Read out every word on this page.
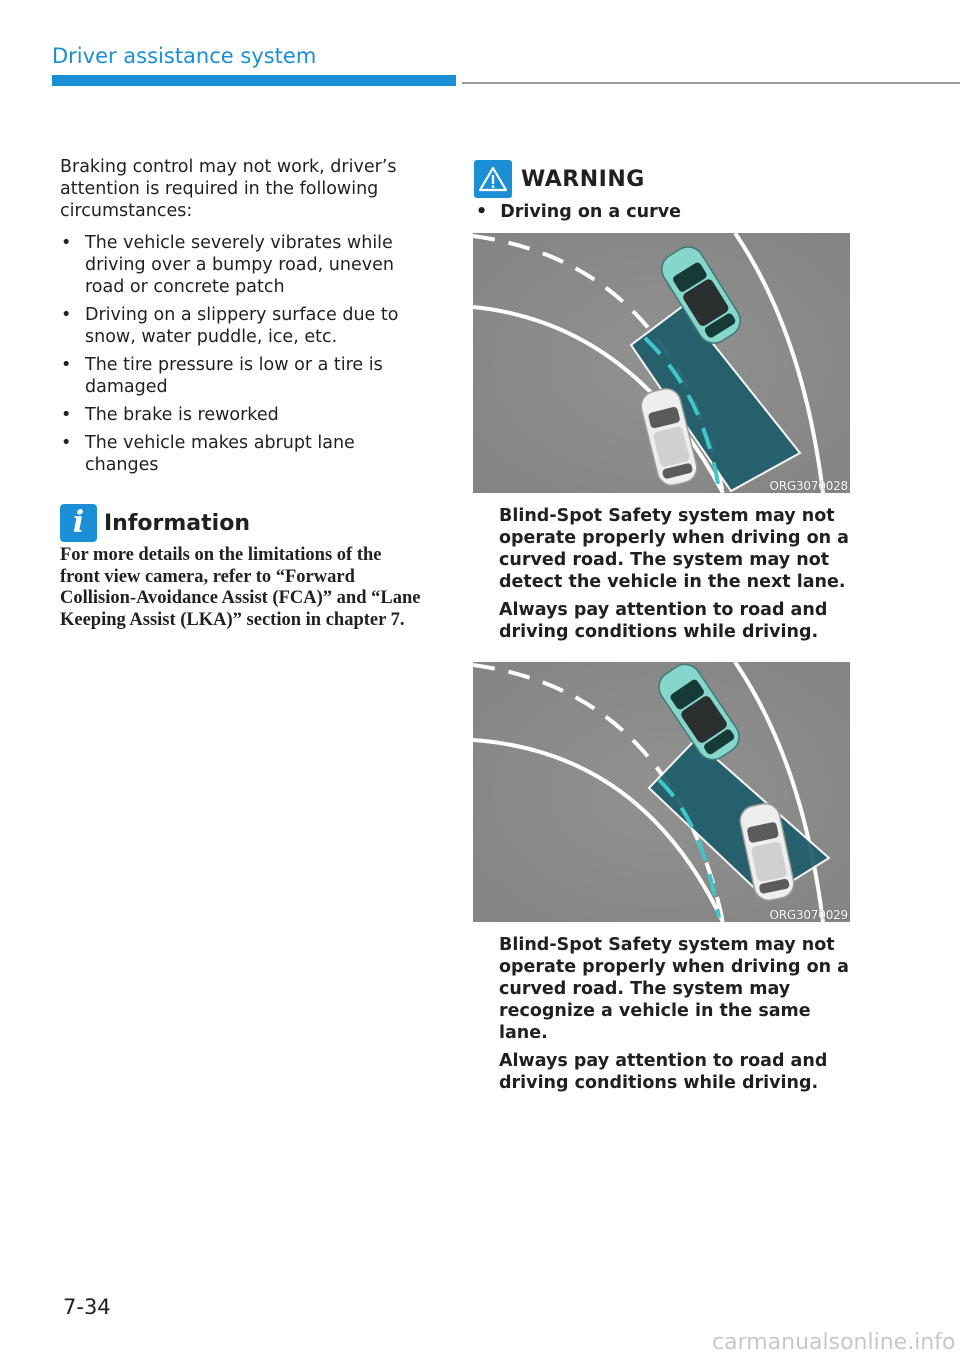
Driver assistance system

Braking control may not work, driver’s attention is required in the following circumstances:

• The vehicle severely vibrates while driving over a bumpy road, uneven road or concrete patch
• Driving on a slippery surface due to snow, water puddle, ice, etc.
• The tire pressure is low or a tire is damaged
• The brake is reworked
• The vehicle makes abrupt lane changes
i Information
For more details on the limitations of the front view camera, refer to “Forward Collision-Avoidance Assist (FCA)” and “Lane Keeping Assist (LKA)” section in chapter 7.
WARNING
• Driving on a curve
ORG3070028

Blind-Spot Safety system may not operate properly when driving on a curved road. The system may not detect the vehicle in the next lane.

Always pay attention to road and driving conditions while driving.

ORG3070029

Blind-Spot Safety system may not operate properly when driving on a curved road. The system may recognize a vehicle in the same lane.

Always pay attention to road and driving conditions while driving.

7-34
carmanualsonline.info
